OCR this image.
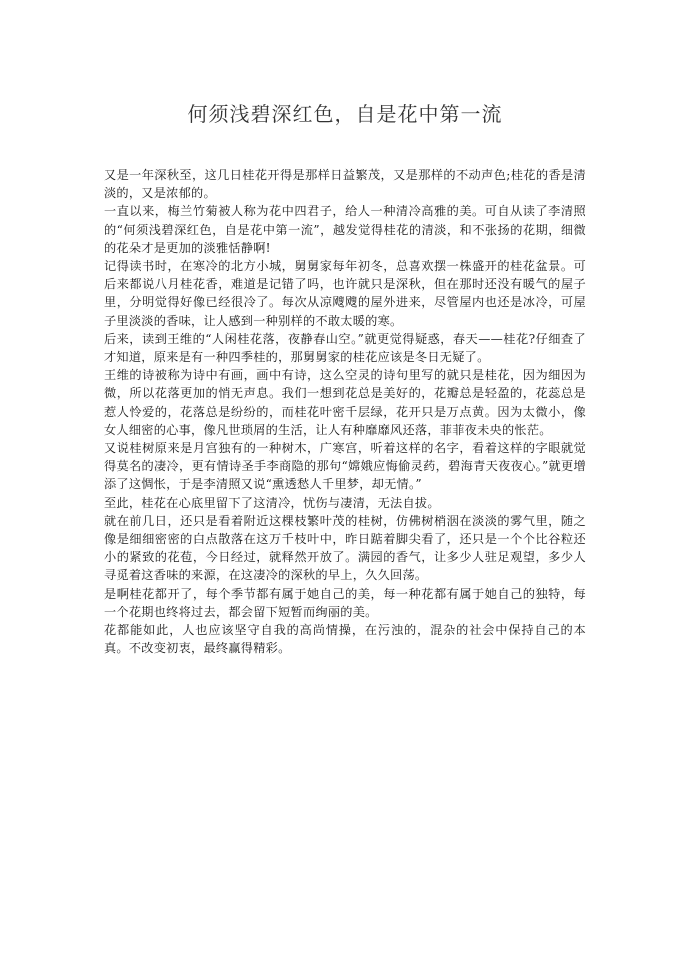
何须浅碧深红色，自是花中第一流

又是一年深秋至，这几日桂花开得是那样日益繁茂，又是那样的不动声色;桂花的香是清淡的，又是浓郁的。

一直以来，梅兰竹菊被人称为花中四君子，给人一种清冷高雅的美。可自从读了李清照的“何须浅碧深红色，自是花中第一流”，越发觉得桂花的清淡，和不张扬的花期，细微的花朵才是更加的淡雅恬静啊!

记得读书时，在寒冷的北方小城，舅舅家每年初冬，总喜欢摆一株盛开的桂花盆景。可后来都说八月桂花香，难道是记错了吗，也许就只是深秋，但在那时还没有暖气的屋子里，分明觉得好像已经很冷了。每次从凉飕飕的屋外进来，尽管屋内也还是冰冷，可屋子里淡淡的香味，让人感到一种别样的不敢太暖的寒。

后来，读到王维的“人闲桂花落，夜静春山空。”就更觉得疑惑，春天——桂花?仔细查了才知道，原来是有一种四季桂的，那舅舅家的桂花应该是冬日无疑了。

王维的诗被称为诗中有画，画中有诗，这么空灵的诗句里写的就只是桂花，因为细因为微，所以花落更加的悄无声息。我们一想到花总是美好的，花瓣总是轻盈的，花蕊总是惹人怜爱的，花落总是纷纷的，而桂花叶密千层绿，花开只是万点黄。因为太微小，像女人细密的心事，像凡世琐屑的生活，让人有种靡靡风还落，菲菲夜未央的怅茫。

又说桂树原来是月宫独有的一种树木，广寒宫，听着这样的名字，看着这样的字眼就觉得莫名的凄冷，更有情诗圣手李商隐的那句“嫦娥应悔偷灵药，碧海青天夜夜心。”就更增添了这惆怅，于是李清照又说“熏透愁人千里梦，却无情。”

至此，桂花在心底里留下了这清冷，忧伤与凄清，无法自拔。

就在前几日，还只是看着附近这棵枝繁叶茂的桂树，仿佛树梢洇在淡淡的雾气里，随之像是细细密密的白点散落在这万千枝叶中，昨日踮着脚尖看了，还只是一个个比谷粒还小的紧致的花苞，今日经过，就释然开放了。满园的香气，让多少人驻足观望，多少人寻觅着这香味的来源，在这凄冷的深秋的早上，久久回荡。

是啊桂花都开了，每个季节都有属于她自己的美，每一种花都有属于她自己的独特，每一个花期也终将过去，都会留下短暂而绚丽的美。

花都能如此，人也应该坚守自我的高尚情操，在污浊的，混杂的社会中保持自己的本真。不改变初衷，最终赢得精彩。
